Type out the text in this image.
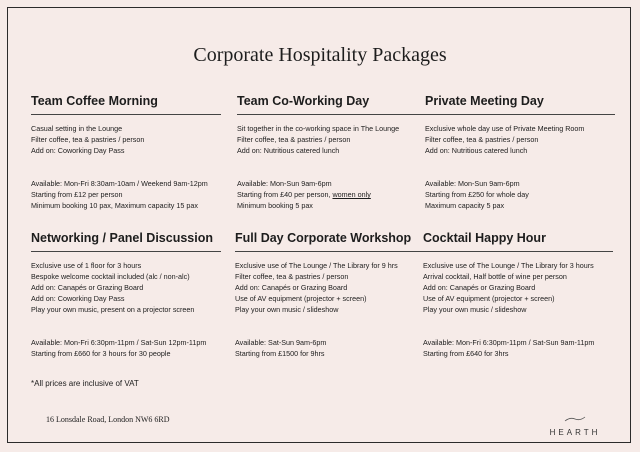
Corporate Hospitality Packages
Team Coffee Morning
Casual setting in the Lounge
Filter coffee, tea & pastries / person
Add on: Coworking Day Pass
Available: Mon-Fri 8:30am-10am / Weekend 9am-12pm
Starting from £12 per person
Minimum booking 10 pax, Maximum capacity 15 pax
Team Co-Working Day
Sit together in the co-working space in The Lounge
Filter coffee, tea & pastries / person
Add on: Nutritious catered lunch
Available: Mon-Sun 9am-6pm
Starting from £40 per person, women only
Minimum booking 5 pax
Private Meeting Day
Exclusive whole day use of Private Meeting Room
Filter coffee, tea & pastries / person
Add on: Nutritious catered lunch
Available: Mon-Sun 9am-6pm
Starting from £250 for whole day
Maximum capacity 5 pax
Networking / Panel Discussion
Exclusive use of 1 floor for 3 hours
Bespoke welcome cocktail included (alc / non-alc)
Add on: Canapés or Grazing Board
Add on: Coworking Day Pass
Play your own music, present on a projector screen
Available: Mon-Fri 6:30pm-11pm / Sat-Sun 12pm-11pm
Starting from £660 for 3 hours for 30 people
Full Day Corporate Workshop
Exclusive use of The Lounge / The Library for 9 hrs
Filter coffee, tea & pastries / person
Add on: Canapés or Grazing Board
Use of AV equipment (projector + screen)
Play your own music / slideshow
Available: Sat-Sun 9am-6pm
Starting from £1500 for 9hrs
Cocktail Happy Hour
Exclusive use of The Lounge / The Library for 3 hours
Arrival cocktail, Half bottle of wine per person
Add on: Canapés or Grazing Board
Use of AV equipment (projector + screen)
Play your own music / slideshow
Available: Mon-Fri 6:30pm-11pm / Sat-Sun 9am-11pm
Starting from £640 for 3hrs
*All prices are inclusive of VAT
16 Lonsdale Road, London NW6 6RD
HEARTH
